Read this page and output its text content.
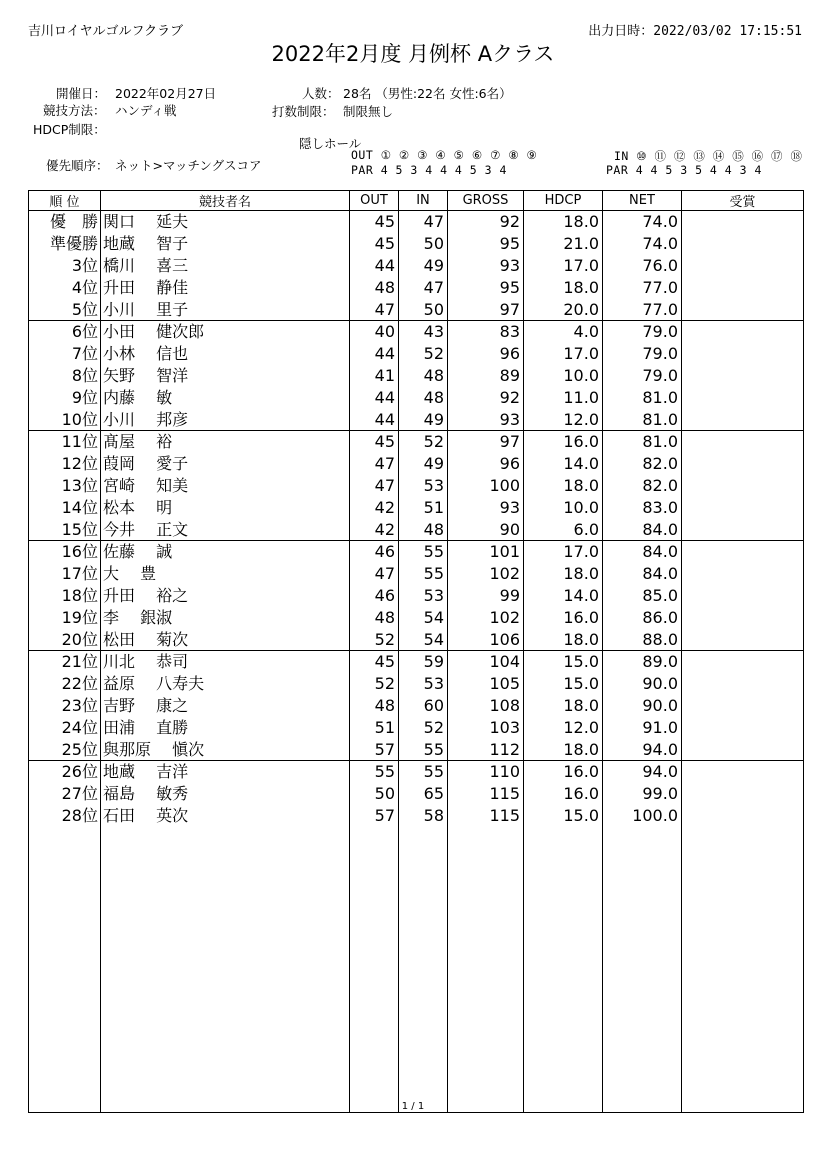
吉川ロイヤルゴルフクラブ	出力日時：2022/03/02 17:15:51
2022年2月度 月例杯 Aクラス
開催日： 2022年02月27日
競技方法： ハンディ戦
HDCP制限：
人数： 28名 （男性:22名 女性:6名）
打数制限： 制限無し
優先順序： ネット>マッチングスコア
隠しホール
OUT ① ② ③ ④ ⑤ ⑥ ⑦ ⑧ ⑨
PAR 4 5 3 4 4 4 5 3 4
IN ⑩ ⑪ ⑫ ⑬ ⑭ ⑮ ⑯ ⑰ ⑱
PAR 4 4 5 3 5 4 4 3 4
順 位	競技者名	OUT	IN	GROSS	HDCP	NET	受賞
優　勝	関口　 延夫	45	47	92	18.0	74.0	
準優勝	地蔵　 智子	45	50	95	21.0	74.0	
3位	橋川　 喜三	44	49	93	17.0	76.0	
4位	升田　 静佳	48	47	95	18.0	77.0	
5位	小川　 里子	47	50	97	20.0	77.0	
6位	小田　 健次郎	40	43	83	4.0	79.0	
7位	小林　 信也	44	52	96	17.0	79.0	
8位	矢野　 智洋	41	48	89	10.0	79.0	
9位	内藤　 敏	44	48	92	11.0	81.0	
10位	小川　 邦彦	44	49	93	12.0	81.0	
11位	髙屋　 裕	45	52	97	16.0	81.0	
12位	葭岡　 愛子	47	49	96	14.0	82.0	
13位	宮崎　 知美	47	53	100	18.0	82.0	
14位	松本　 明	42	51	93	10.0	83.0	
15位	今井　 正文	42	48	90	6.0	84.0	
16位	佐藤　 誠	46	55	101	17.0	84.0	
17位	大　 豊	47	55	102	18.0	84.0	
18位	升田　 裕之	46	53	99	14.0	85.0	
19位	李　 銀淑	48	54	102	16.0	86.0	
20位	松田　 菊次	52	54	106	18.0	88.0	
21位	川北　 恭司	45	59	104	15.0	89.0	
22位	益原　 八寿夫	52	53	105	15.0	90.0	
23位	吉野　 康之	48	60	108	18.0	90.0	
24位	田浦　 直勝	51	52	103	12.0	91.0	
25位	與那原　 愼次	57	55	112	18.0	94.0	
26位	地蔵　 吉洋	55	55	110	16.0	94.0	
27位	福島　 敏秀	50	65	115	16.0	99.0	
28位	石田　 英次	57	58	115	15.0	100.0	

1 / 1
